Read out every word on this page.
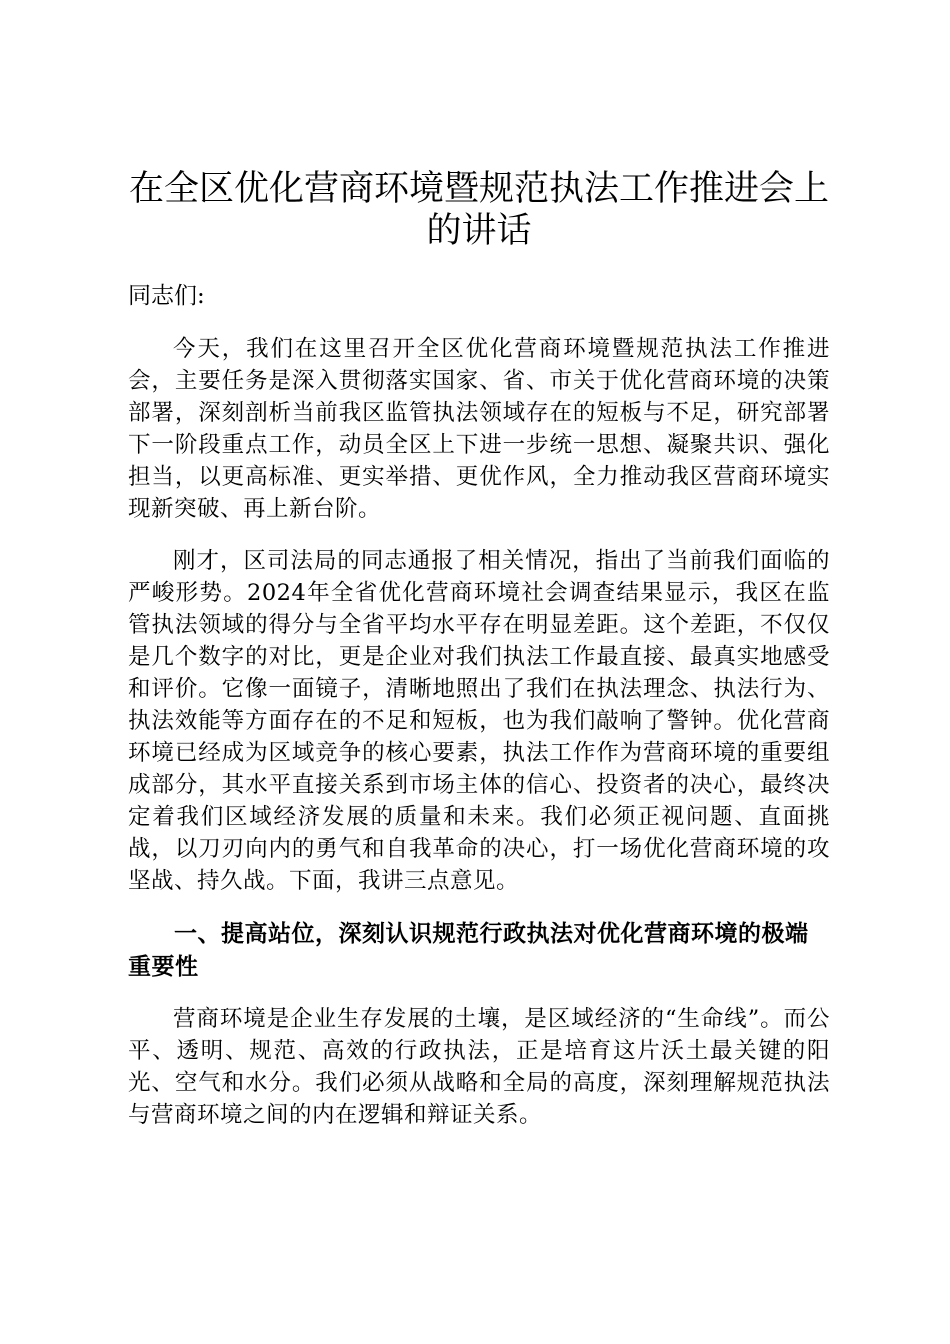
在全区优化营商环境暨规范执法工作推进会上的讲话

同志们:

今天，我们在这里召开全区优化营商环境暨规范执法工作推进会，主要任务是深入贯彻落实国家、省、市关于优化营商环境的决策部署，深刻剖析当前我区监管执法领域存在的短板与不足，研究部署下一阶段重点工作，动员全区上下进一步统一思想、凝聚共识、强化担当，以更高标准、更实举措、更优作风，全力推动我区营商环境实现新突破、再上新台阶。

刚才，区司法局的同志通报了相关情况，指出了当前我们面临的严峻形势。2024年全省优化营商环境社会调查结果显示，我区在监管执法领域的得分与全省平均水平存在明显差距。这个差距，不仅仅是几个数字的对比，更是企业对我们执法工作最直接、最真实地感受和评价。它像一面镜子，清晰地照出了我们在执法理念、执法行为、执法效能等方面存在的不足和短板，也为我们敲响了警钟。优化营商环境已经成为区域竞争的核心要素，执法工作作为营商环境的重要组成部分，其水平直接关系到市场主体的信心、投资者的决心，最终决定着我们区域经济发展的质量和未来。我们必须正视问题、直面挑战，以刀刃向内的勇气和自我革命的决心，打一场优化营商环境的攻坚战、持久战。下面，我讲三点意见。

一、提高站位，深刻认识规范行政执法对优化营商环境的极端重要性

营商环境是企业生存发展的土壤，是区域经济的“生命线”。而公平、透明、规范、高效的行政执法，正是培育这片沃土最关键的阳光、空气和水分。我们必须从战略和全局的高度，深刻理解规范执法与营商环境之间的内在逻辑和辩证关系。
